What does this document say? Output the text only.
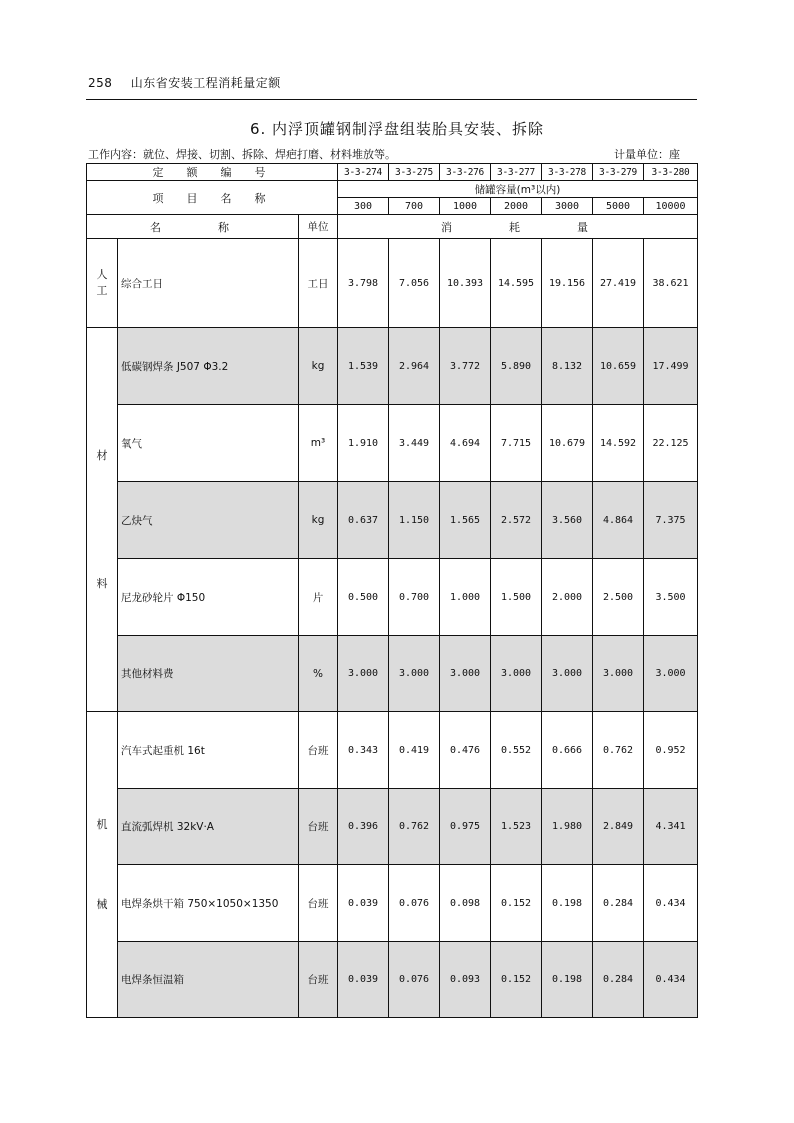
258 山东省安装工程消耗量定额
6. 内浮顶罐钢制浮盘组装胎具安装、拆除
工作内容：就位、焊接、切割、拆除、焊疤打磨、材料堆放等。	计量单位：座
定　额　编　号			3-3-274	3-3-275	3-3-276	3-3-277	3-3-278	3-3-279	3-3-280
项　目　名　称			储罐容量(m³以内)						
			300	700	1000	2000	3000	5000	10000
名　　　称		单位	消　　　耗　　　量						
人
工	综合工日	工日	3.798	7.056	10.393	14.595	19.156	27.419	38.621
材

料	低碳钢焊条 J507 Φ3.2	kg	1.539	2.964	3.772	5.890	8.132	10.659	17.499
	氧气	m³	1.910	3.449	4.694	7.715	10.679	14.592	22.125
	乙炔气	kg	0.637	1.150	1.565	2.572	3.560	4.864	7.375
	尼龙砂轮片 Φ150	片	0.500	0.700	1.000	1.500	2.000	2.500	3.500
	其他材料费	%	3.000	3.000	3.000	3.000	3.000	3.000	3.000
机

械	汽车式起重机 16t	台班	0.343	0.419	0.476	0.552	0.666	0.762	0.952
	直流弧焊机 32kV·A	台班	0.396	0.762	0.975	1.523	1.980	2.849	4.341
	电焊条烘干箱 750×1050×1350	台班	0.039	0.076	0.098	0.152	0.198	0.284	0.434
	电焊条恒温箱	台班	0.039	0.076	0.093	0.152	0.198	0.284	0.434
